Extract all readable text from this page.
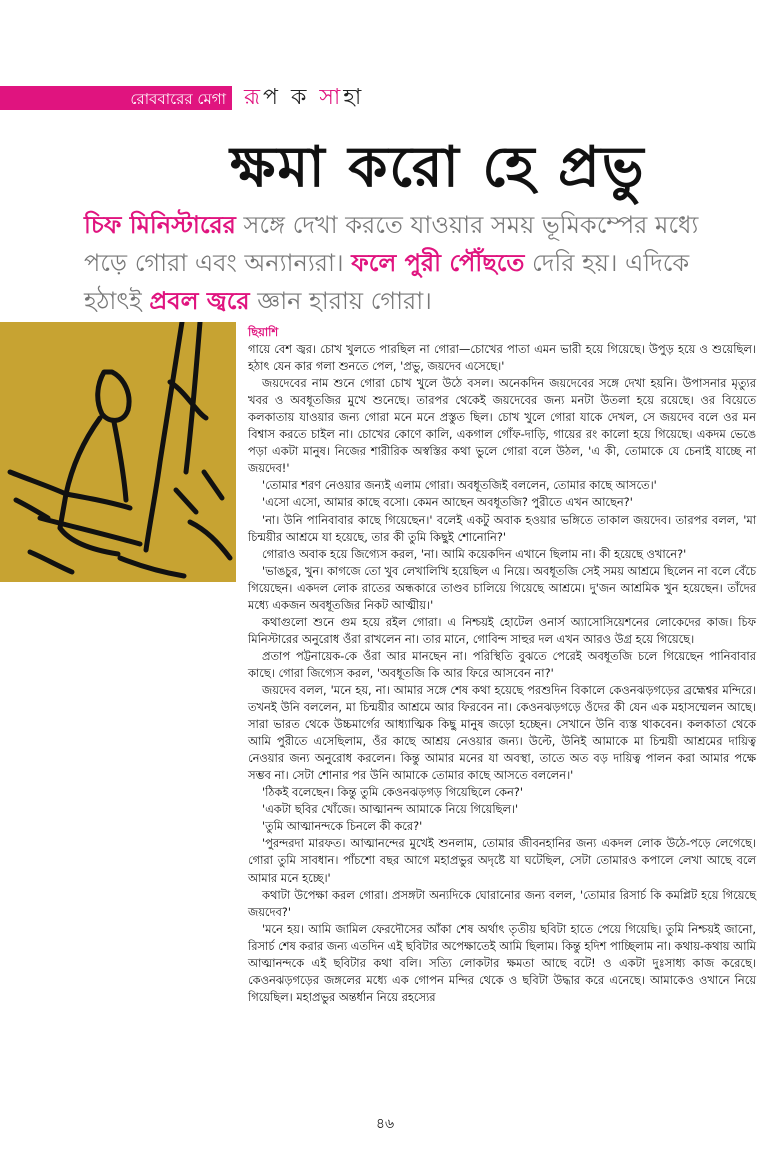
রোববারের মেগা রূপ ক সাহা
ক্ষমা করো হে প্রভু
চিফ মিনিস্টারের সঙ্গে দেখা করতে যাওয়ার সময় ভূমিকম্পের মধ্যে পড়ে গোরা এবং অন্যান্যরা। ফলে পুরী পৌঁছতে দেরি হয়। এদিকে হঠাৎই প্রবল জ্বরে জ্ঞান হারায় গোরা।
ছিয়াশি

গায়ে বেশ জ্বর। চোখ খুলতে পারছিল না গোরা—চোখের পাতা এমন ভারী হয়ে গিয়েছে। উপুড় হয়ে ও শুয়েছিল। হঠাৎ যেন কার গলা শুনতে পেল, 'প্রভু, জয়দেব এসেছে।'

জয়দেবের নাম শুনে গোরা চোখ খুলে উঠে বসল। অনেকদিন জয়দেবের সঙ্গে দেখা হয়নি। উপাসনার মৃত্যুর খবর ও অবধূতজির মুখে শুনেছে। তারপর থেকেই জয়দেবের জন্য মনটা উতলা হয়ে রয়েছে। ওর বিয়েতে কলকাতায় যাওয়ার জন্য গোরা মনে মনে প্রস্তুত ছিল। চোখ খুলে গোরা যাকে দেখল, সে জয়দেব বলে ওর মন বিশ্বাস করতে চাইল না। চোখের কোণে কালি, একগাল গোঁফ-দাড়ি, গায়ের রং কালো হয়ে গিয়েছে। একদম ভেঙে পড়া একটা মানুষ। নিজের শারীরিক অস্বস্তির কথা ভুলে গোরা বলে উঠল, 'এ কী, তোমাকে যে চেনাই যাচ্ছে না জয়দেব!'

'তোমার শরণ নেওয়ার জন্যই এলাম গোরা। অবধূতজিই বললেন, তোমার কাছে আসতে।'

'এসো এসো, আমার কাছে বসো। কেমন আছেন অবধূতজি? পুরীতে এখন আছেন?'

'না। উনি পানিবাবার কাছে গিয়েছেন।' বলেই একটু অবাক হওয়ার ভঙ্গিতে তাকাল জয়দেব। তারপর বলল, 'মা চিন্ময়ীর আশ্রমে যা হয়েছে, তার কী তুমি কিছুই শোনোনি?'

গোরাও অবাক হয়ে জিগ্যেস করল, 'না। আমি কয়েকদিন এখানে ছিলাম না। কী হয়েছে ওখানে?'

'ভাঙচুর, খুন। কাগজে তো খুব লেখালিখি হয়েছিল এ নিয়ে। অবধূতজি সেই সময় আশ্রমে ছিলেন না বলে বেঁচে গিয়েছেন। একদল লোক রাতের অন্ধকারে তাণ্ডব চালিয়ে গিয়েছে আশ্রমে। দু'জন আশ্রমিক খুন হয়েছেন। তাঁদের মধ্যে একজন অবধূতজির নিকট আত্মীয়।'

কথাগুলো শুনে গুম হয়ে রইল গোরা। এ নিশ্চয়ই হোটেল ওনার্স অ্যাসোসিয়েশনের লোকেদের কাজ। চিফ মিনিস্টারের অনুরোধ ওঁরা রাখলেন না। তার মানে, গোবিন্দ সাহুর দল এখন আরও উগ্র হয়ে গিয়েছে।

প্রতাপ পট্টনায়েক-কে ওঁরা আর মানছেন না। পরিস্থিতি বুঝতে পেরেই অবধূতজি চলে গিয়েছেন পানিবাবার কাছে। গোরা জিগ্যেস করল, 'অবধূতজি কি আর ফিরে আসবেন না?'

জয়দেব বলল, 'মনে হয়, না। আমার সঙ্গে শেষ কথা হয়েছে পরশুদিন বিকালে কেওনঝড়গড়ের ব্রহ্মেশ্বর মন্দিরে। তখনই উনি বললেন, মা চিন্ময়ীর আশ্রমে আর ফিরবেন না। কেওনঝড়গড়ে ওঁদের কী যেন এক মহাসম্মেলন আছে। সারা ভারত থেকে উচ্চমার্গের আধ্যাত্মিক কিছু মানুষ জড়ো হচ্ছেন। সেখানে উনি ব্যস্ত থাকবেন। কলকাতা থেকে আমি পুরীতে এসেছিলাম, ওঁর কাছে আশ্রয় নেওয়ার জন্য। উল্টে, উনিই আমাকে মা চিন্ময়ী আশ্রমের দায়িত্ব নেওয়ার জন্য অনুরোধ করলেন। কিন্তু আমার মনের যা অবস্থা, তাতে অত বড় দায়িত্ব পালন করা আমার পক্ষে সম্ভব না। সেটা শোনার পর উনি আমাকে তোমার কাছে আসতে বললেন।'

'ঠিকই বলেছেন। কিন্তু তুমি কেওনঝড়গড় গিয়েছিলে কেন?'

'একটা ছবির খোঁজে। আত্মানন্দ আমাকে নিয়ে গিয়েছিল।'

'তুমি আত্মানন্দকে চিনলে কী করে?'

'পুরন্দরদা মারফত। আত্মানন্দের মুখেই শুনলাম, তোমার জীবনহানির জন্য একদল লোক উঠে-পড়ে লেগেছে। গোরা তুমি সাবধান। পাঁচশো বছর আগে মহাপ্রভুর অদৃষ্টে যা ঘটেছিল, সেটা তোমারও কপালে লেখা আছে বলে আমার মনে হচ্ছে।'

কথাটা উপেক্ষা করল গোরা। প্রসঙ্গটা অন্যদিকে ঘোরানোর জন্য বলল, 'তোমার রিসার্চ কি কমপ্লিট হয়ে গিয়েছে জয়দেব?'

'মনে হয়। আমি জামিল ফেরদৌসের আঁকা শেষ অর্থাৎ তৃতীয় ছবিটা হাতে পেয়ে গিয়েছি। তুমি নিশ্চয়ই জানো, রিসার্চ শেষ করার জন্য এতদিন এই ছবিটার অপেক্ষাতেই আমি ছিলাম। কিন্তু হদিশ পাচ্ছিলাম না। কথায়-কথায় আমি আত্মানন্দকে এই ছবিটার কথা বলি। সত্যি লোকটার ক্ষমতা আছে বটে! ও একটা দুঃসাধ্য কাজ করেছে। কেওনঝড়গড়ের জঙ্গলের মধ্যে এক গোপন মন্দির থেকে ও ছবিটা উদ্ধার করে এনেছে। আমাকেও ওখানে নিয়ে গিয়েছিল। মহাপ্রভুর অন্তর্ধান নিয়ে রহস্যের

৪৬
